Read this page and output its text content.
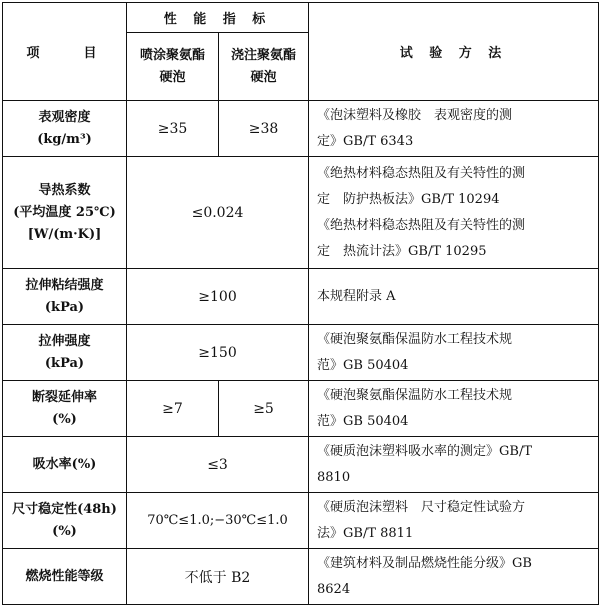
项　　目	性 能 指 标		试 验 方 法

	喷涂聚氨酯
硬泡	浇注聚氨酯
硬泡	

表观密度
(kg/m³)	≥35	≥38	《泡沫塑料及橡胶　表观密度的测
定》GB/T 6343

导热系数
(平均温度 25℃)
[W/(m·K)]	≤0.024		《绝热材料稳态热阻及有关特性的测
定　防护热板法》GB/T 10294
《绝热材料稳态热阻及有关特性的测
定　热流计法》GB/T 10295

拉伸粘结强度
(kPa)	≥100		本规程附录 A

拉伸强度
(kPa)	≥150		《硬泡聚氨酯保温防水工程技术规
范》GB 50404

断裂延伸率
(%)	≥7	≥5	《硬泡聚氨酯保温防水工程技术规
范》GB 50404

吸水率(%)	≤3		《硬质泡沫塑料吸水率的测定》GB/T
8810

尺寸稳定性(48h)
(%)	70℃≤1.0;−30℃≤1.0		《硬质泡沫塑料　尺寸稳定性试验方
法》GB/T 8811

燃烧性能等级	不低于 B2		《建筑材料及制品燃烧性能分级》GB
8624
